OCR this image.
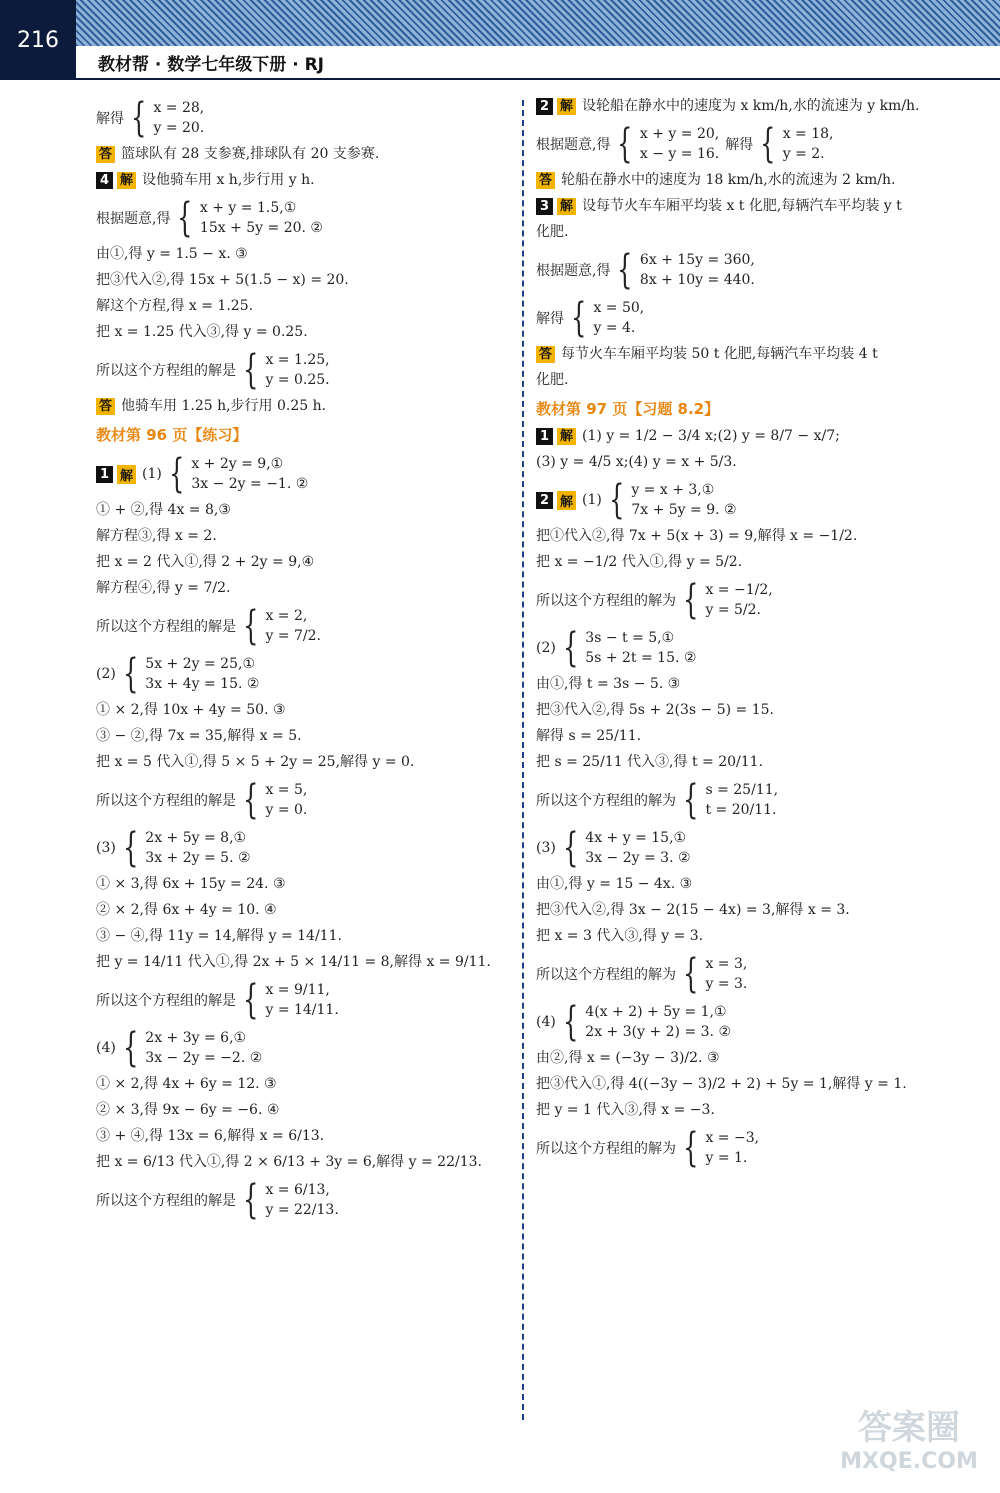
216
教材帮 · 数学七年级下册 · RJ
解得 { x = 28,
y = 20.
答 篮球队有 28 支参赛,排球队有 20 支参赛.
4 解 设他骑车用 x h,步行用 y h.
根据题意,得 { x + y = 1.5,①
15x + 5y = 20. ②
由①,得 y = 1.5 − x. ③
把③代入②,得 15x + 5(1.5 − x) = 20.
解这个方程,得 x = 1.25.
把 x = 1.25 代入③,得 y = 0.25.
所以这个方程组的解是 { x = 1.25,
y = 0.25.
答 他骑车用 1.25 h,步行用 0.25 h.
教材第 96 页【练习】
1 解 (1) { x + 2y = 9,①
3x − 2y = −1. ②
① + ②,得 4x = 8,③
解方程③,得 x = 2.
把 x = 2 代入①,得 2 + 2y = 9,④
解方程④,得 y = 7/2.
所以这个方程组的解是 { x = 2,
y = 7/2.
(2) { 5x + 2y = 25,①
3x + 4y = 15. ②
① × 2,得 10x + 4y = 50. ③
③ − ②,得 7x = 35,解得 x = 5.
把 x = 5 代入①,得 5 × 5 + 2y = 25,解得 y = 0.
所以这个方程组的解是 { x = 5,
y = 0.
(3) { 2x + 5y = 8,①
3x + 2y = 5. ②
① × 3,得 6x + 15y = 24. ③
② × 2,得 6x + 4y = 10. ④
③ − ④,得 11y = 14,解得 y = 14/11.
把 y = 14/11 代入①,得 2x + 5 × 14/11 = 8,解得 x = 9/11.
所以这个方程组的解是 { x = 9/11,
y = 14/11.
(4) { 2x + 3y = 6,①
3x − 2y = −2. ②
① × 2,得 4x + 6y = 12. ③
② × 3,得 9x − 6y = −6. ④
③ + ④,得 13x = 6,解得 x = 6/13.
把 x = 6/13 代入①,得 2 × 6/13 + 3y = 6,解得 y = 22/13.
所以这个方程组的解是 { x = 6/13,
y = 22/13.
2 解 设轮船在静水中的速度为 x km/h,水的流速为 y km/h.
根据题意,得 { x + y = 20,
x − y = 16.
解得 { x = 18,
y = 2.
答 轮船在静水中的速度为 18 km/h,水的流速为 2 km/h.
3 解 设每节火车车厢平均装 x t 化肥,每辆汽车平均装 y t
化肥.
根据题意,得 { 6x + 15y = 360,
8x + 10y = 440.
解得 { x = 50,
y = 4.
答 每节火车车厢平均装 50 t 化肥,每辆汽车平均装 4 t
化肥.
教材第 97 页【习题 8.2】
1 解 (1) y = 1/2 − 3/4 x;(2) y = 8/7 − x/7;
(3) y = 4/5 x;(4) y = x + 5/3.
2 解 (1) { y = x + 3,①
7x + 5y = 9. ②
把①代入②,得 7x + 5(x + 3) = 9,解得 x = −1/2.
把 x = −1/2 代入①,得 y = 5/2.
所以这个方程组的解为 { x = −1/2,
y = 5/2.
(2) { 3s − t = 5,①
5s + 2t = 15. ②
由①,得 t = 3s − 5. ③
把③代入②,得 5s + 2(3s − 5) = 15.
解得 s = 25/11.
把 s = 25/11 代入③,得 t = 20/11.
所以这个方程组的解为 { s = 25/11,
t = 20/11.
(3) { 4x + y = 15,①
3x − 2y = 3. ②
由①,得 y = 15 − 4x. ③
把③代入②,得 3x − 2(15 − 4x) = 3,解得 x = 3.
把 x = 3 代入③,得 y = 3.
所以这个方程组的解为 { x = 3,
y = 3.
(4) { 4(x + 2) + 5y = 1,①
2x + 3(y + 2) = 3. ②
由②,得 x = (−3y − 3)/2. ③
把③代入①,得 4((−3y − 3)/2 + 2) + 5y = 1,解得 y = 1.
把 y = 1 代入③,得 x = −3.
所以这个方程组的解为 { x = −3,
y = 1.
答案圈
MXQE.COM
